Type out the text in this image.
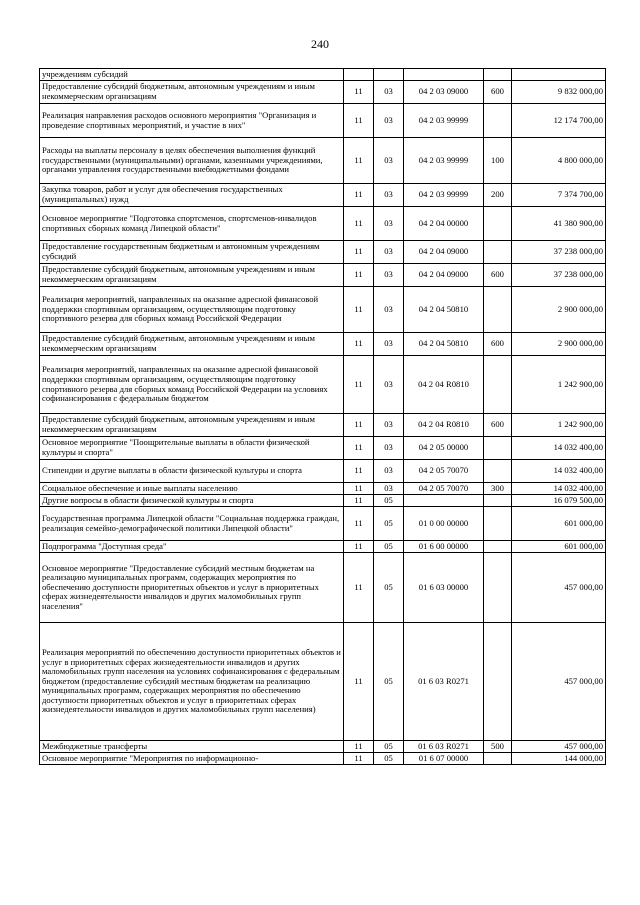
240
учреждениям субсидий					
Предоставление субсидий бюджетным, автономным учреждениям и иным некоммерческим организациям	11	03	04 2 03 09000	600	9 832 000,00
Реализация направления расходов основного мероприятия "Организация и проведение спортивных мероприятий, и участие в них"	11	03	04 2 03 99999		12 174 700,00
Расходы на выплаты персоналу в целях обеспечения выполнения функций государственными (муниципальными) органами, казенными учреждениями, органами управления государственными внебюджетными фондами	11	03	04 2 03 99999	100	4 800 000,00
Закупка товаров, работ и услуг для обеспечения государственных (муниципальных) нужд	11	03	04 2 03 99999	200	7 374 700,00
Основное мероприятие "Подготовка спортсменов, спортсменов-инвалидов спортивных сборных команд Липецкой области"	11	03	04 2 04 00000		41 380 900,00
Предоставление государственным бюджетным и автономным учреждениям субсидий	11	03	04 2 04 09000		37 238 000,00
Предоставление субсидий бюджетным, автономным учреждениям и иным некоммерческим организациям	11	03	04 2 04 09000	600	37 238 000,00
Реализация мероприятий, направленных на оказание адресной финансовой поддержки спортивным организациям, осуществляющим подготовку спортивного резерва для сборных команд Российской Федерации	11	03	04 2 04 50810		2 900 000,00
Предоставление субсидий бюджетным, автономным учреждениям и иным некоммерческим организациям	11	03	04 2 04 50810	600	2 900 000,00
Реализация мероприятий, направленных на оказание адресной финансовой поддержки спортивным организациям, осуществляющим подготовку спортивного резерва для сборных команд Российской Федерации на условиях софинансирования с федеральным бюджетом	11	03	04 2 04 R0810		1 242 900,00
Предоставление субсидий бюджетным, автономным учреждениям и иным некоммерческим организациям	11	03	04 2 04 R0810	600	1 242 900,00
Основное мероприятие "Поощрительные выплаты в области физической культуры и спорта"	11	03	04 2 05 00000		14 032 400,00
Стипендии и другие выплаты в области физической культуры и спорта	11	03	04 2 05 70070		14 032 400,00
Социальное обеспечение и иные выплаты населению	11	03	04 2 05 70070	300	14 032 400,00
Другие вопросы в области физической культуры и спорта	11	05			16 079 500,00
Государственная программа Липецкой области "Социальная поддержка граждан, реализация семейно-демографической политики Липецкой области"	11	05	01 0 00 00000		601 000,00
Подпрограмма "Доступная среда"	11	05	01 6 00 00000		601 000,00
Основное мероприятие "Предоставление субсидий местным бюджетам на реализацию муниципальных программ, содержащих мероприятия по обеспечению доступности приоритетных объектов и услуг в приоритетных сферах жизнедеятельности инвалидов и других маломобильных групп населения"	11	05	01 6 03 00000		457 000,00
Реализация мероприятий по обеспечению доступности приоритетных объектов и услуг в приоритетных сферах жизнедеятельности инвалидов и других маломобильных групп населения на условиях софинансирования с федеральным бюджетом (предоставление субсидий местным бюджетам на реализацию муниципальных программ, содержащих мероприятия по обеспечению доступности приоритетных объектов и услуг в приоритетных сферах жизнедеятельности инвалидов и других маломобильных групп населения)	11	05	01 6 03 R0271		457 000,00
Межбюджетные трансферты	11	05	01 6 03 R0271	500	457 000,00
Основное мероприятие "Мероприятия по информационно-	11	05	01 6 07 00000		144 000,00
